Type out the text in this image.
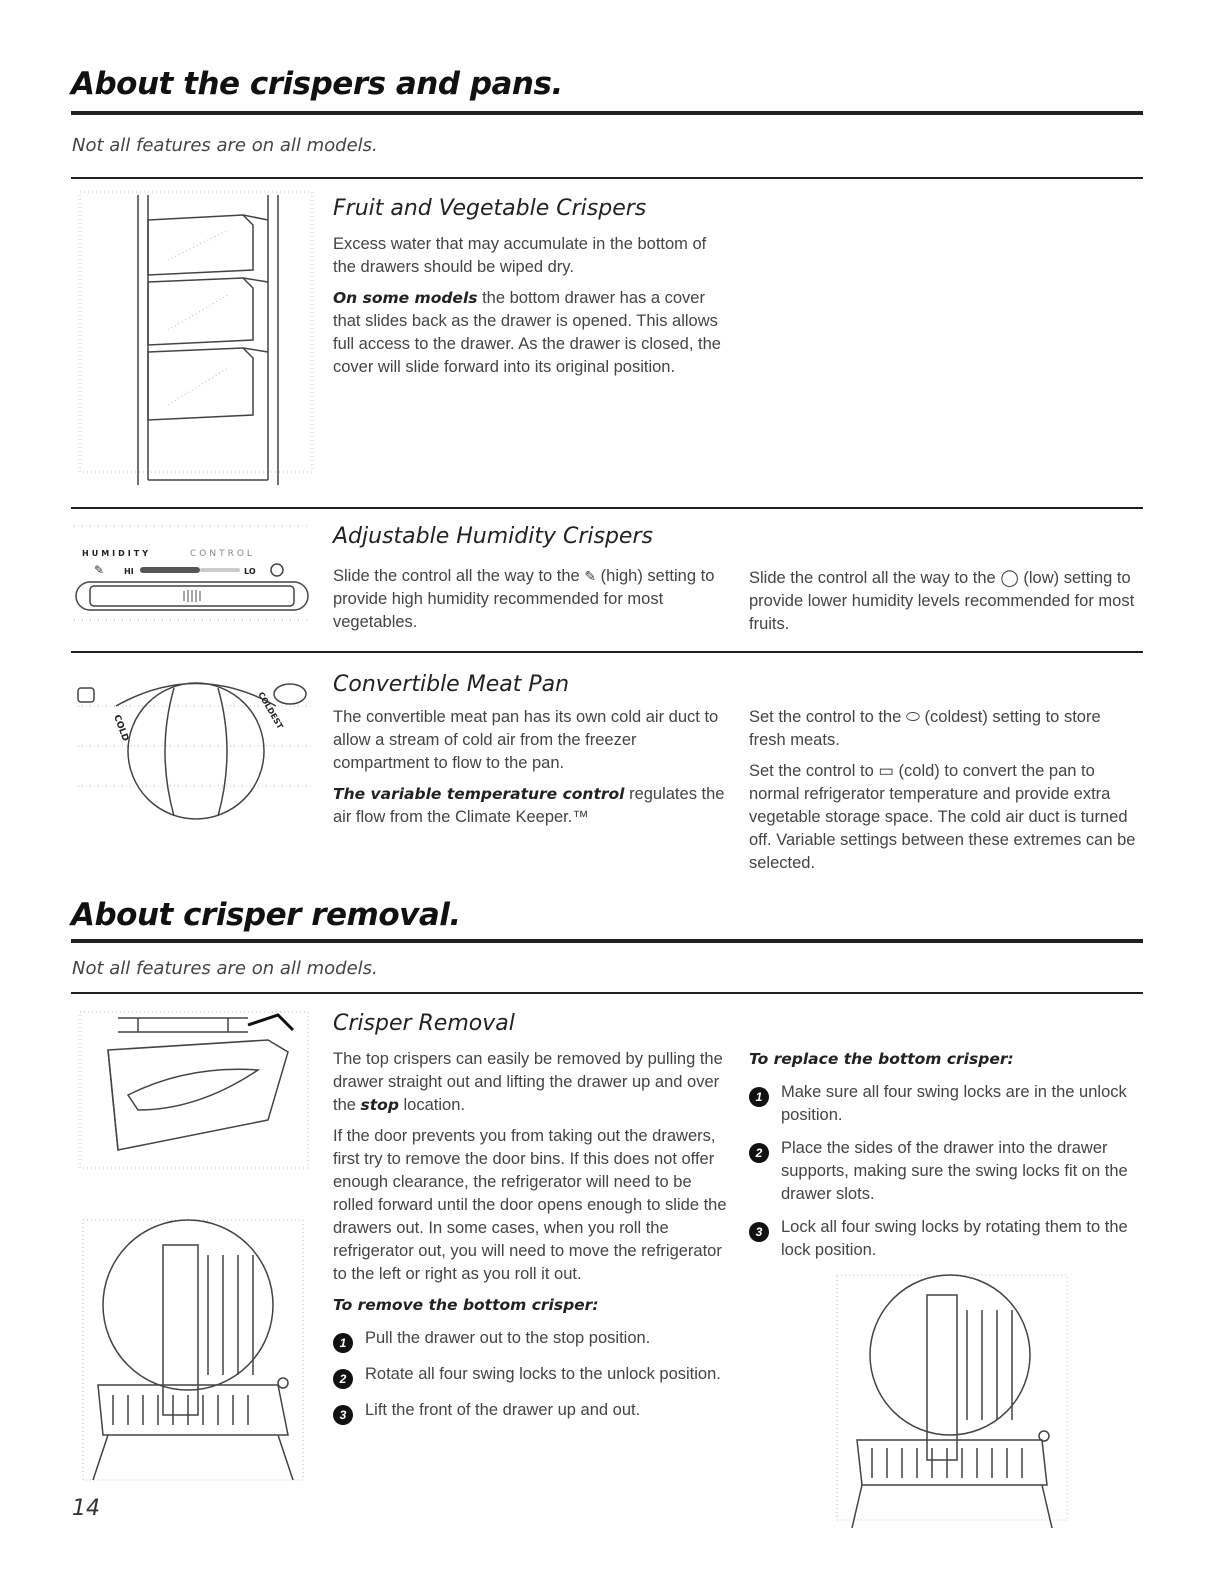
About the crispers and pans.
Not all features are on all models.
Fruit and Vegetable Crispers

Excess water that may accumulate in the bottom of the drawers should be wiped dry.

On some models the bottom drawer has a cover that slides back as the drawer is opened. This allows full access to the drawer. As the drawer is closed, the cover will slide forward into its original position.

HUMIDITY	CONTROL
✎ HI	LO
Adjustable Humidity Crispers
Slide the control all the way to the ✎ (high) setting to provide high humidity recommended for most vegetables.
Slide the control all the way to the ◯ (low) setting to provide lower humidity levels recommended for most fruits.
COLD	COLDEST
Convertible Meat Pan

The convertible meat pan has its own cold air duct to allow a stream of cold air from the freezer compartment to flow to the pan.

The variable temperature control regulates the air flow from the Climate Keeper.™

Set the control to the ⬭ (coldest) setting to store fresh meats.

Set the control to ▭ (cold) to convert the pan to normal refrigerator temperature and provide extra vegetable storage space. The cold air duct is turned off. Variable settings between these extremes can be selected.

About crisper removal.
Not all features are on all models.
Crisper Removal

The top crispers can easily be removed by pulling the drawer straight out and lifting the drawer up and over the stop location.

If the door prevents you from taking out the drawers, first try to remove the door bins. If this does not offer enough clearance, the refrigerator will need to be rolled forward until the door opens enough to slide the drawers out. In some cases, when you roll the refrigerator out, you will need to move the refrigerator to the left or right as you roll it out.

To remove the bottom crisper:
1	Pull the drawer out to the stop position.
2	Rotate all four swing locks to the unlock position.
3	Lift the front of the drawer up and out.
To replace the bottom crisper:
1	Make sure all four swing locks are in the unlock position.
2	Place the sides of the drawer into the drawer supports, making sure the swing locks fit on the drawer slots.
3	Lock all four swing locks by rotating them to the lock position.
14
